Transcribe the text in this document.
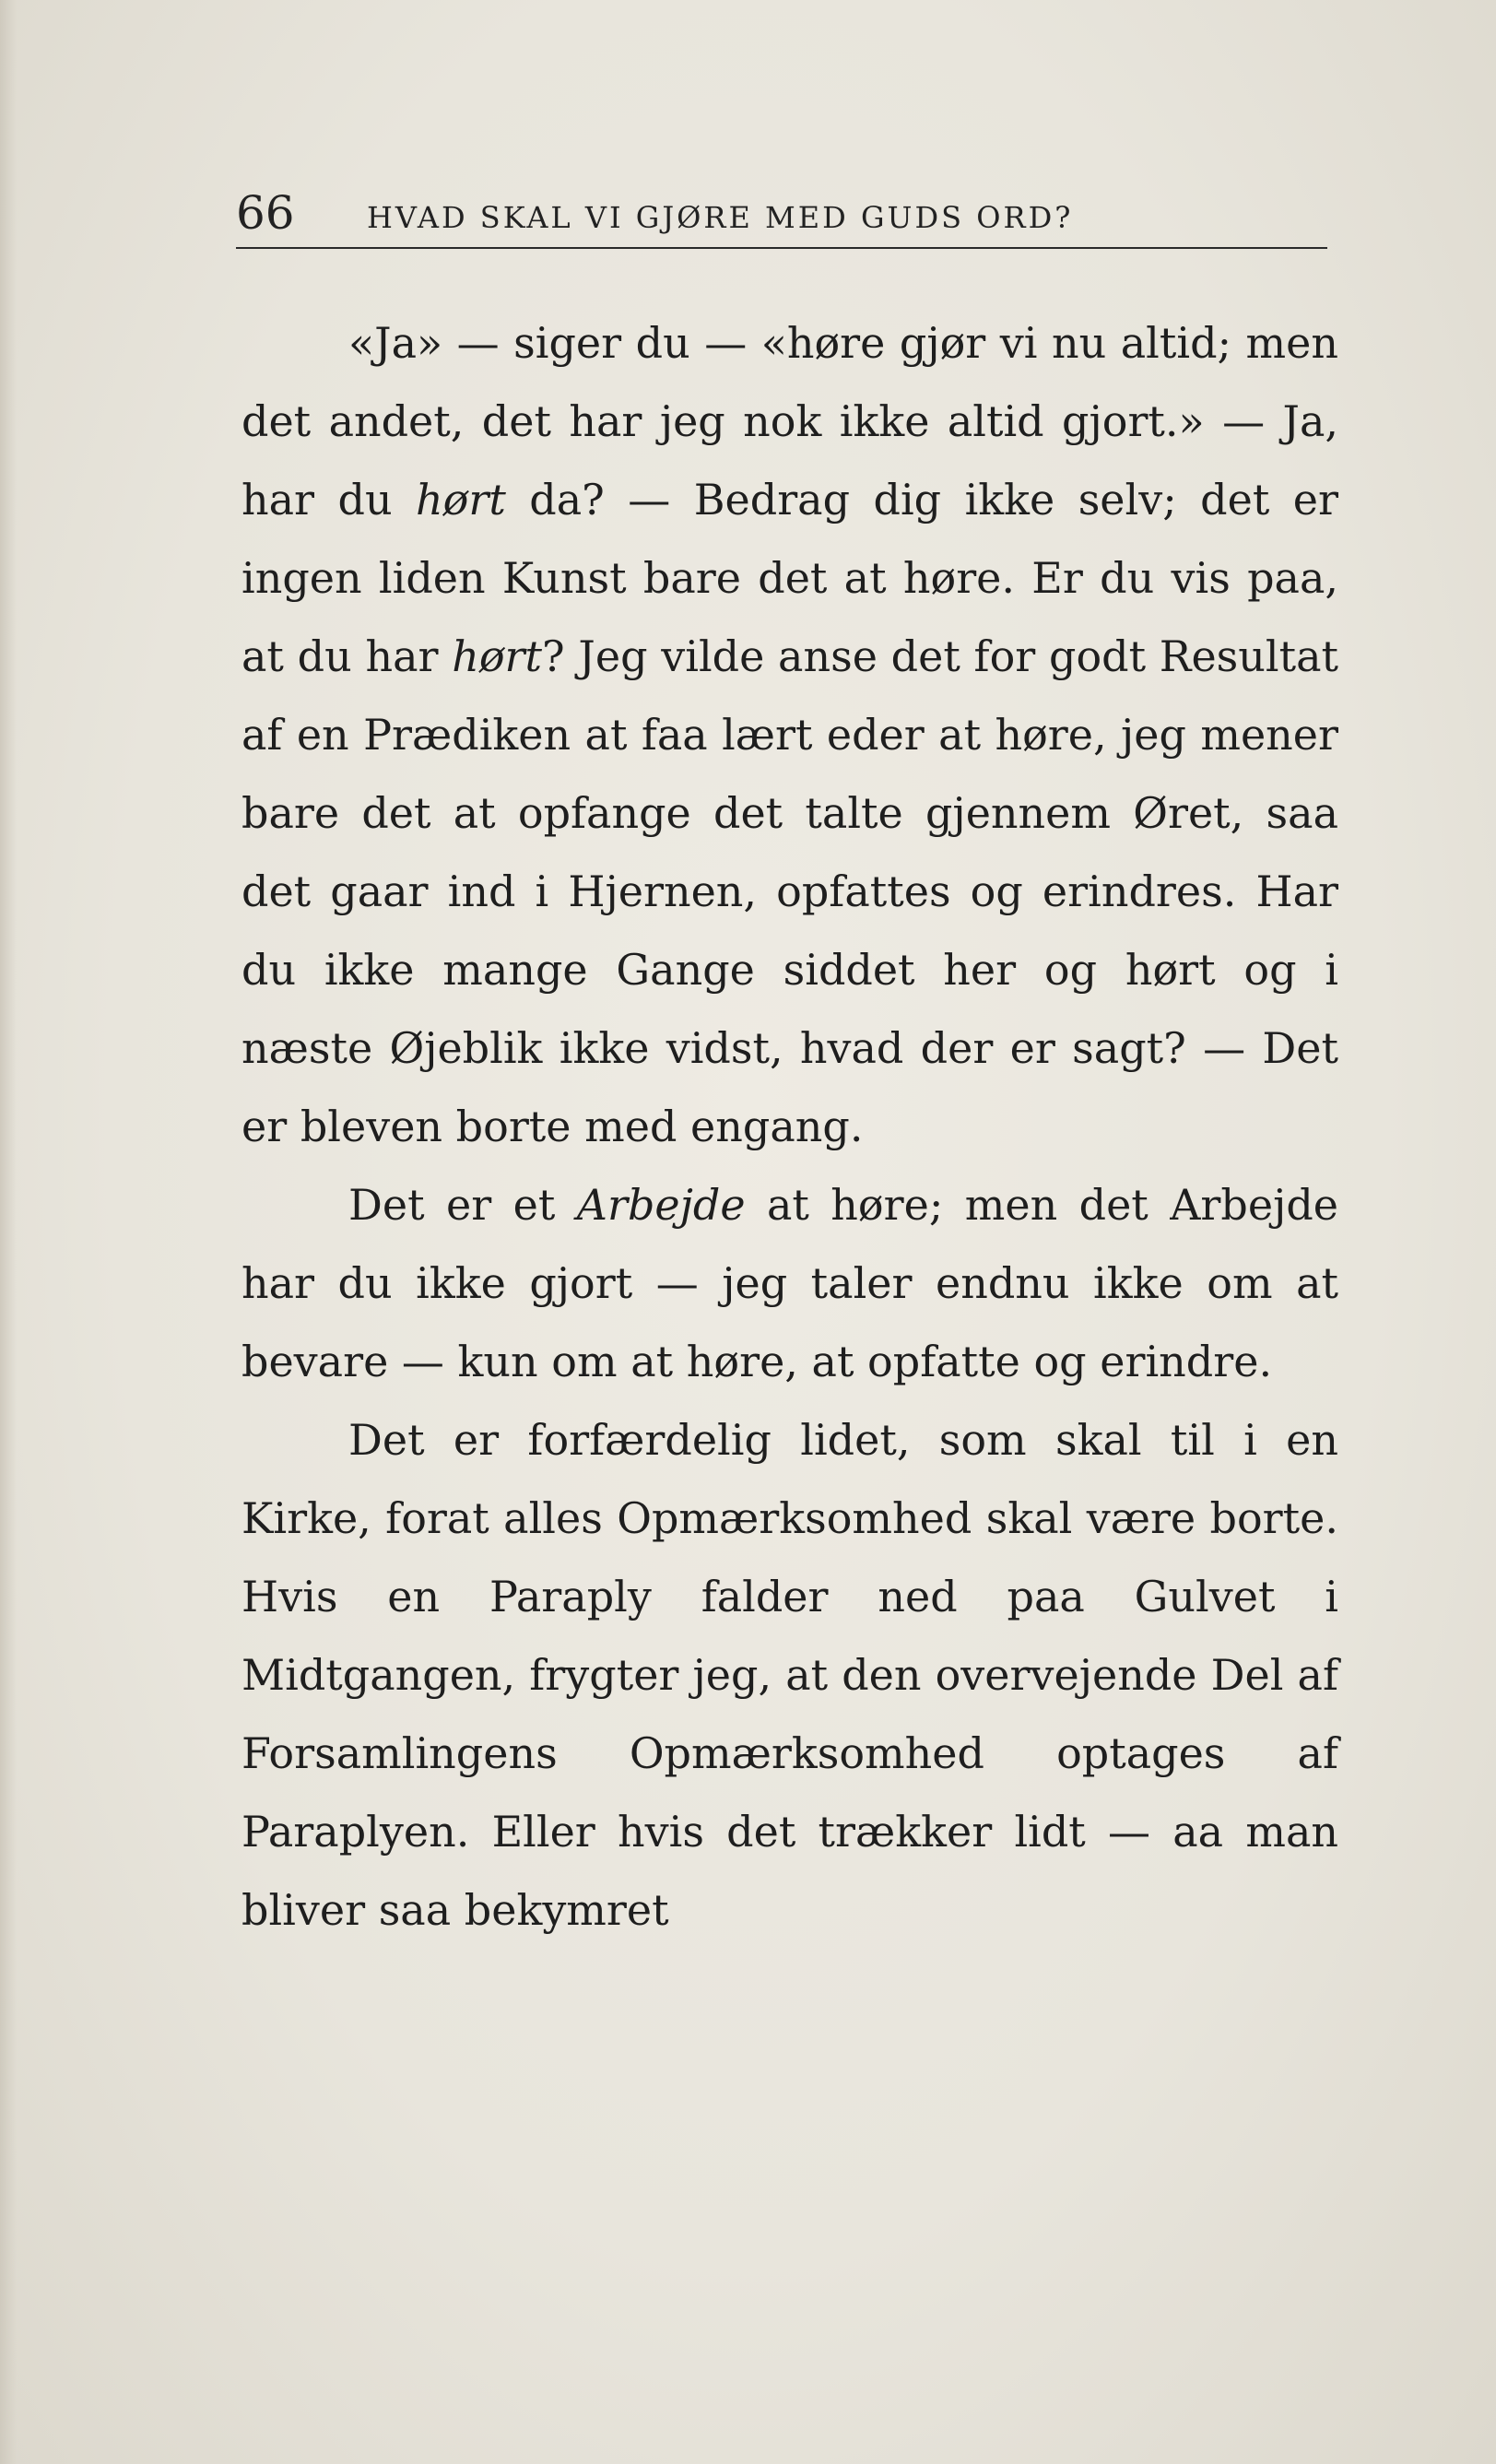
66 HVAD SKAL VI GJØRE MED GUDS ORD?

«Ja» — siger du — «høre gjør vi nu altid; men det andet, det har jeg nok ikke altid gjort.» — Ja, har du hørt da? — Bedrag dig ikke selv; det er ingen liden Kunst bare det at høre. Er du vis paa, at du har hørt? Jeg vilde anse det for godt Resultat af en Prædiken at faa lært eder at høre, jeg mener bare det at opfange det talte gjennem Øret, saa det gaar ind i Hjernen, opfattes og erindres. Har du ikke mange Gange siddet her og hørt og i næste Øjeblik ikke vidst, hvad der er sagt? — Det er bleven borte med engang.

Det er et Arbejde at høre; men det Arbejde har du ikke gjort — jeg taler endnu ikke om at bevare — kun om at høre, at opfatte og erindre.

Det er forfærdelig lidet, som skal til i en Kirke, forat alles Opmærksomhed skal være borte. Hvis en Paraply falder ned paa Gulvet i Midtgangen, frygter jeg, at den overvejende Del af Forsamlingens Opmærksomhed optages af Paraplyen. Eller hvis det trækker lidt — aa man bliver saa bekymret
